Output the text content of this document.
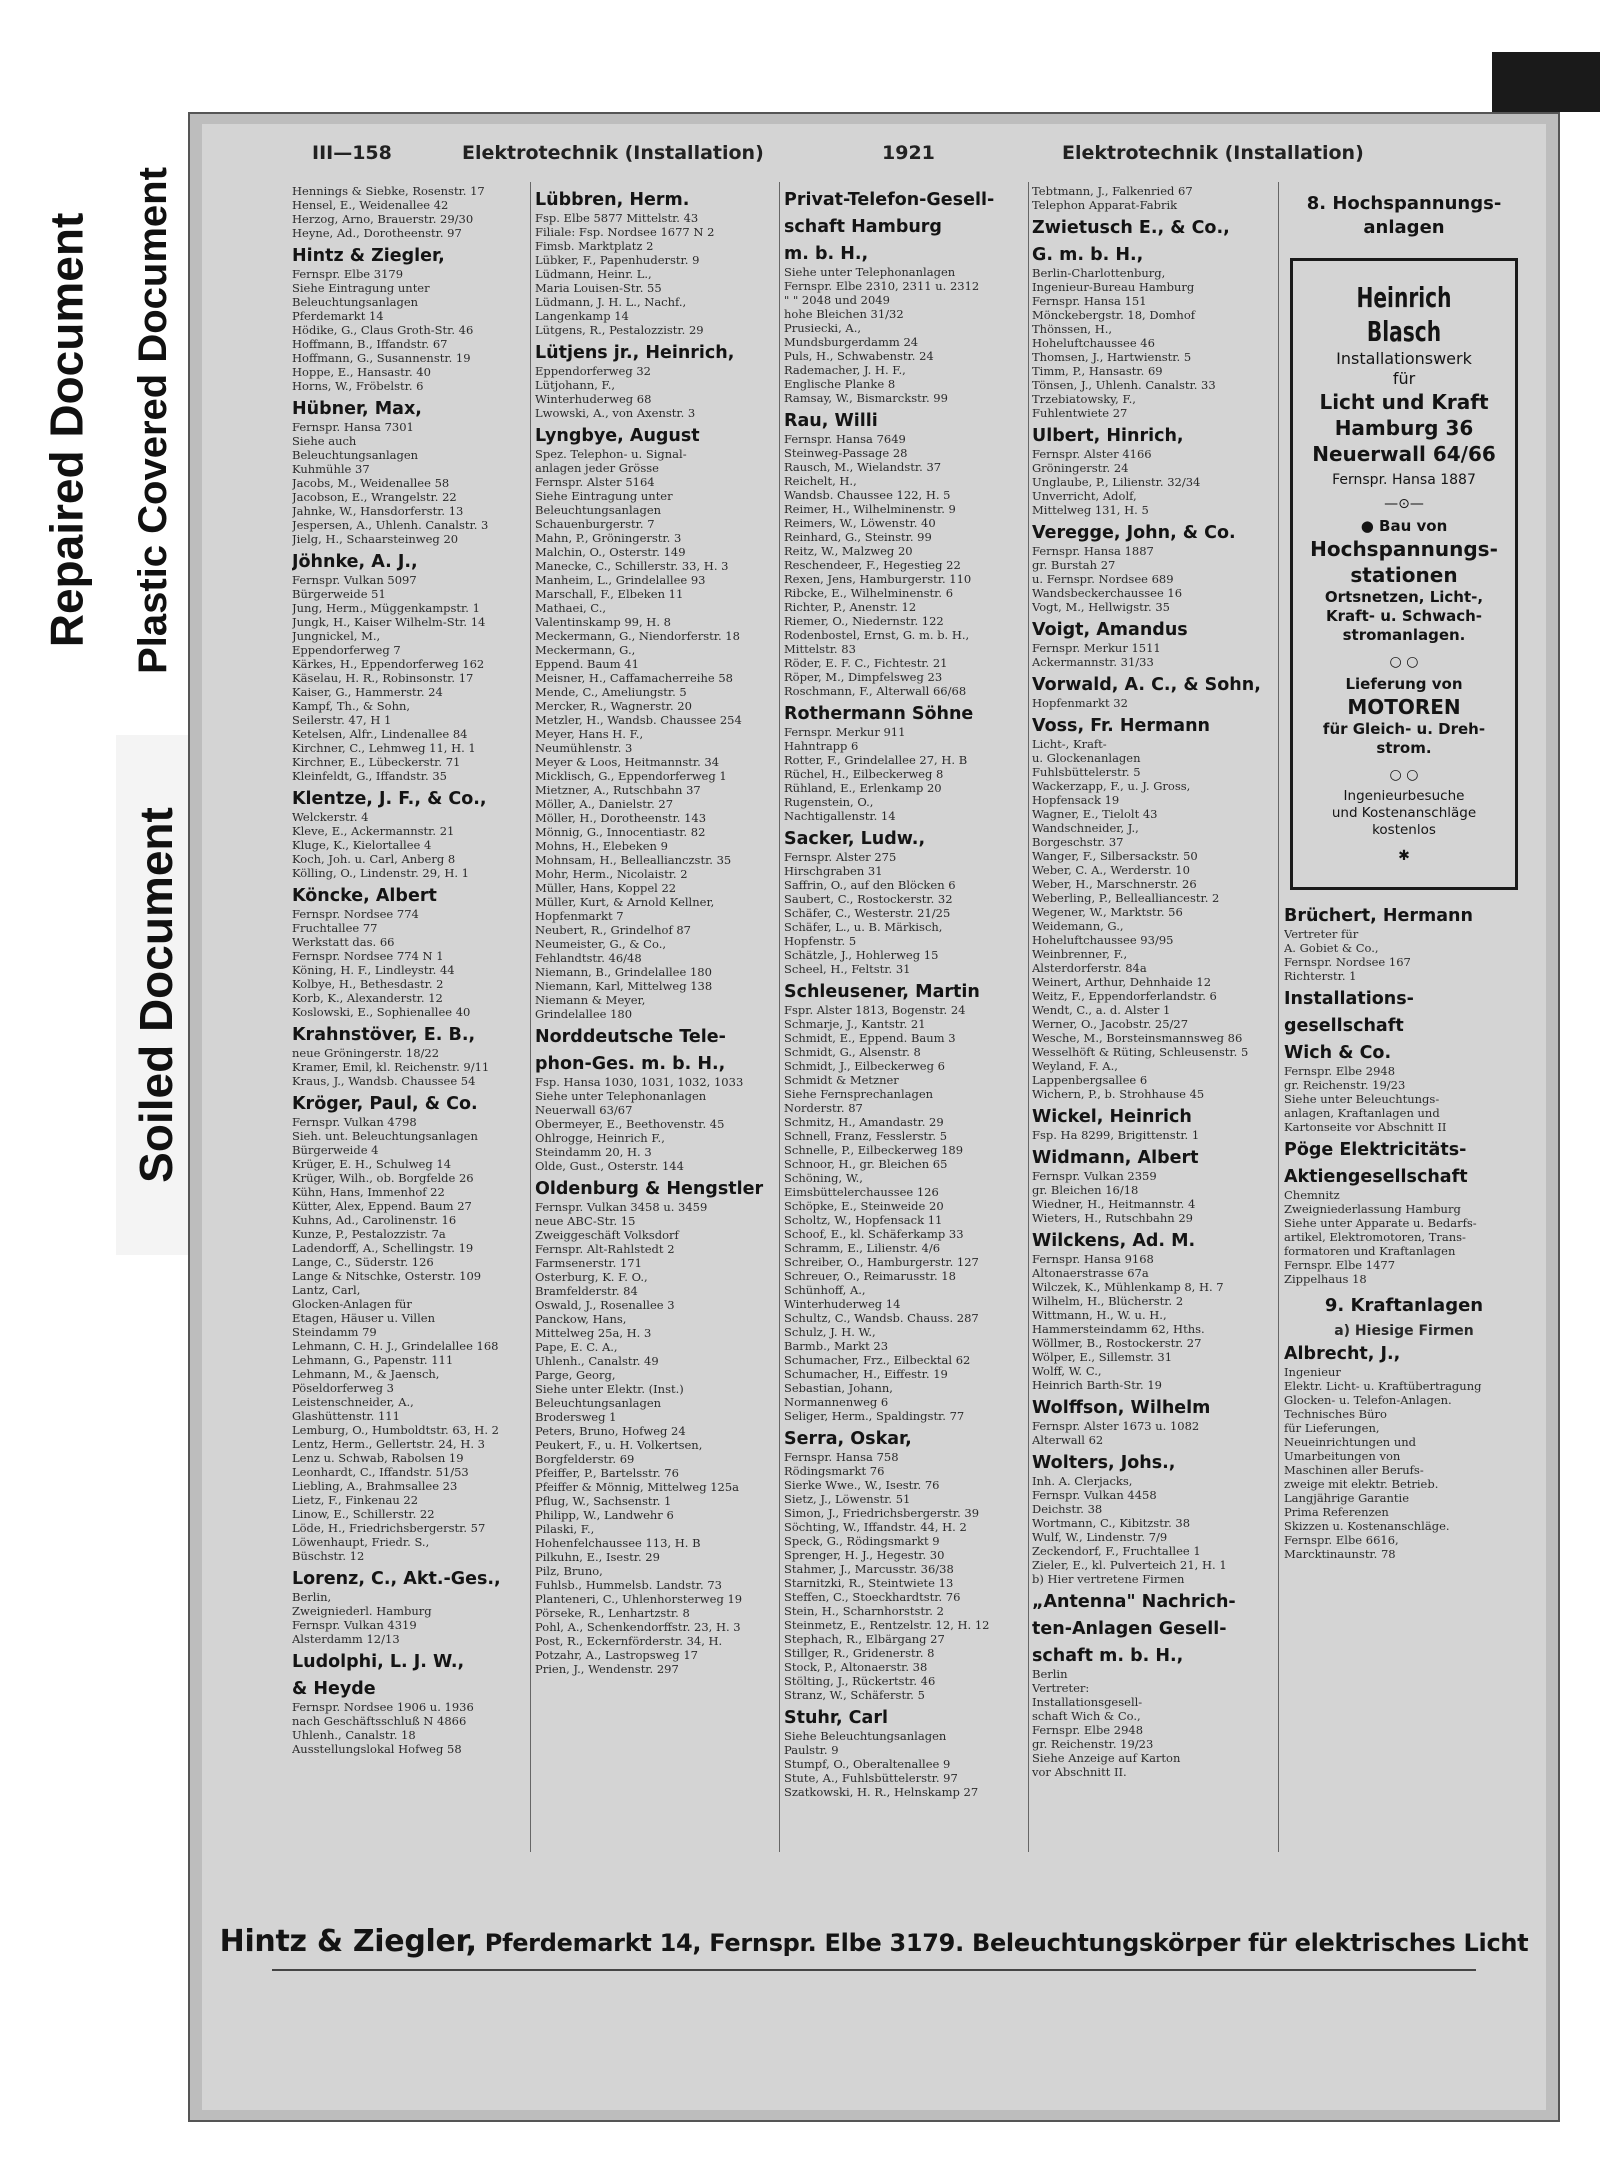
Repaired Document Plastic Covered Document
Soiled Document
III—158	Elektrotechnik (Installation)	1921	Elektrotechnik (Installation)
Hennings & Siebke, Rosenstr. 17
Hensel, E., Weidenallee 42
Herzog, Arno, Brauerstr. 29/30
Heyne, Ad., Dorotheenstr. 97
Hintz & Ziegler,
Fernspr. Elbe 3179
Siehe Eintragung unter
Beleuchtungsanlagen
Pferdemarkt 14
Hödike, G., Claus Groth-Str. 46
Hoffmann, B., Iffandstr. 67
Hoffmann, G., Susannenstr. 19
Hoppe, E., Hansastr. 40
Horns, W., Fröbelstr. 6
Hübner, Max,
Fernspr. Hansa 7301
Siehe auch
Beleuchtungsanlagen
Kuhmühle 37
Jacobs, M., Weidenallee 58
Jacobson, E., Wrangelstr. 22
Jahnke, W., Hansdorferstr. 13
Jespersen, A., Uhlenh. Canalstr. 3
Jielg, H., Schaarsteinweg 20
Jöhnke, A. J.,
Fernspr. Vulkan 5097
Bürgerweide 51
Jung, Herm., Müggenkampstr. 1
Jungk, H., Kaiser Wilhelm-Str. 14
Jungnickel, M.,
Eppendorferweg 7
Kärkes, H., Eppendorferweg 162
Käselau, H. R., Robinsonstr. 17
Kaiser, G., Hammerstr. 24
Kampf, Th., & Sohn,
Seilerstr. 47, H 1
Ketelsen, Alfr., Lindenallee 84
Kirchner, C., Lehmweg 11, H. 1
Kirchner, E., Lübeckerstr. 71
Kleinfeldt, G., Iffandstr. 35
Klentze, J. F., & Co.,
Welckerstr. 4
Kleve, E., Ackermannstr. 21
Kluge, K., Kielortallee 4
Koch, Joh. u. Carl, Anberg 8
Kölling, O., Lindenstr. 29, H. 1
Köncke, Albert
Fernspr. Nordsee 774
Fruchtallee 77
Werkstatt das. 66
Fernspr. Nordsee 774 N 1
Köning, H. F., Lindleystr. 44
Kolbye, H., Bethesdastr. 2
Korb, K., Alexanderstr. 12
Koslowski, E., Sophienallee 40
Krahnstöver, E. B.,
neue Gröningerstr. 18/22
Kramer, Emil, kl. Reichenstr. 9/11
Kraus, J., Wandsb. Chaussee 54
Kröger, Paul, & Co.
Fernspr. Vulkan 4798
Sieh. unt. Beleuchtungsanlagen
Bürgerweide 4
Krüger, E. H., Schulweg 14
Krüger, Wilh., ob. Borgfelde 26
Kühn, Hans, Immenhof 22
Kütter, Alex, Eppend. Baum 27
Kuhns, Ad., Carolinenstr. 16
Kunze, P., Pestalozzistr. 7a
Ladendorff, A., Schellingstr. 19
Lange, C., Süderstr. 126
Lange & Nitschke, Osterstr. 109
Lantz, Carl,
Glocken-Anlagen für
Etagen, Häuser u. Villen
Steindamm 79
Lehmann, C. H. J., Grindelallee 168
Lehmann, G., Papenstr. 111
Lehmann, M., & Jaensch,
Pöseldorferweg 3
Leistenschneider, A.,
Glashüttenstr. 111
Lemburg, O., Humboldtstr. 63, H. 2
Lentz, Herm., Gellertstr. 24, H. 3
Lenz u. Schwab, Rabolsen 19
Leonhardt, C., Iffandstr. 51/53
Liebling, A., Brahmsallee 23
Lietz, F., Finkenau 22
Linow, E., Schillerstr. 22
Löde, H., Friedrichsbergerstr. 57
Löwenhaupt, Friedr. S.,
Büschstr. 12
Lorenz, C., Akt.-Ges.,
Berlin,
Zweigniederl. Hamburg
Fernspr. Vulkan 4319
Alsterdamm 12/13
Ludolphi, L. J. W.,
& Heyde
Fernspr. Nordsee 1906 u. 1936
nach Geschäftsschluß N 4866
Uhlenh., Canalstr. 18
Ausstellungslokal Hofweg 58
Lübbren, Herm.
Fsp. Elbe 5877 Mittelstr. 43
Filiale: Fsp. Nordsee 1677 N 2
Fimsb. Marktplatz 2
Lübker, F., Papenhuderstr. 9
Lüdmann, Heinr. L.,
Maria Louisen-Str. 55
Lüdmann, J. H. L., Nachf.,
Langenkamp 14
Lütgens, R., Pestalozzistr. 29
Lütjens jr., Heinrich,
Eppendorferweg 32
Lütjohann, F.,
Winterhuderweg 68
Lwowski, A., von Axenstr. 3
Lyngbye, August
Spez. Telephon- u. Signal-
anlagen jeder Grösse
Fernspr. Alster 5164
Siehe Eintragung unter
Beleuchtungsanlagen
Schauenburgerstr. 7
Mahn, P., Gröningerstr. 3
Malchin, O., Osterstr. 149
Manecke, C., Schillerstr. 33, H. 3
Manheim, L., Grindelallee 93
Marschall, F., Elbeken 11
Mathaei, C.,
Valentinskamp 99, H. 8
Meckermann, G., Niendorferstr. 18
Meckermann, G.,
Eppend. Baum 41
Meisner, H., Caffamacherreihe 58
Mende, C., Ameliungstr. 5
Mercker, R., Wagnerstr. 20
Metzler, H., Wandsb. Chaussee 254
Meyer, Hans H. F.,
Neumühlenstr. 3
Meyer & Loos, Heitmannstr. 34
Micklisch, G., Eppendorferweg 1
Mietzner, A., Rutschbahn 37
Möller, A., Danielstr. 27
Möller, H., Dorotheenstr. 143
Mönnig, G., Innocentiastr. 82
Mohns, H., Elebeken 9
Mohnsam, H., Belleallianczstr. 35
Mohr, Herm., Nicolaistr. 2
Müller, Hans, Koppel 22
Müller, Kurt, & Arnold Kellner,
Hopfenmarkt 7
Neubert, R., Grindelhof 87
Neumeister, G., & Co.,
Fehlandtstr. 46/48
Niemann, B., Grindelallee 180
Niemann, Karl, Mittelweg 138
Niemann & Meyer,
Grindelallee 180
Norddeutsche Tele-
phon-Ges. m. b. H.,
Fsp. Hansa 1030, 1031, 1032, 1033
Siehe unter Telephonanlagen
Neuerwall 63/67
Obermeyer, E., Beethovenstr. 45
Ohlrogge, Heinrich F.,
Steindamm 20, H. 3
Olde, Gust., Osterstr. 144
Oldenburg & Hengstler
Fernspr. Vulkan 3458 u. 3459
neue ABC-Str. 15
Zweiggeschäft Volksdorf
Fernspr. Alt-Rahlstedt 2
Farmsenerstr. 171
Osterburg, K. F. O.,
Bramfelderstr. 84
Oswald, J., Rosenallee 3
Panckow, Hans,
Mittelweg 25a, H. 3
Pape, E. C. A.,
Uhlenh., Canalstr. 49
Parge, Georg,
Siehe unter Elektr. (Inst.)
Beleuchtungsanlagen
Brodersweg 1
Peters, Bruno, Hofweg 24
Peukert, F., u. H. Volkertsen,
Borgfelderstr. 69
Pfeiffer, P., Bartelsstr. 76
Pfeiffer & Mönnig, Mittelweg 125a
Pflug, W., Sachsenstr. 1
Philipp, W., Landwehr 6
Pilaski, F.,
Hohenfelchaussee 113, H. B
Pilkuhn, E., Isestr. 29
Pilz, Bruno,
Fuhlsb., Hummelsb. Landstr. 73
Planteneri, C., Uhlenhorsterweg 19
Pörseke, R., Lenhartzstr. 8
Pohl, A., Schenkendorffstr. 23, H. 3
Post, R., Eckernförderstr. 34, H.
Potzahr, A., Lastropsweg 17
Prien, J., Wendenstr. 297
Privat-Telefon-Gesell-
schaft Hamburg
m. b. H.,
Siehe unter Telephonanlagen
Fernspr. Elbe 2310, 2311 u. 2312
" " 2048 und 2049
hohe Bleichen 31/32
Prusiecki, A.,
Mundsburgerdamm 24
Puls, H., Schwabenstr. 24
Rademacher, J. H. F.,
Englische Planke 8
Ramsay, W., Bismarckstr. 99
Rau, Willi
Fernspr. Hansa 7649
Steinweg-Passage 28
Rausch, M., Wielandstr. 37
Reichelt, H.,
Wandsb. Chaussee 122, H. 5
Reimer, H., Wilhelminenstr. 9
Reimers, W., Löwenstr. 40
Reinhard, G., Steinstr. 99
Reitz, W., Malzweg 20
Reschendeer, F., Hegestieg 22
Rexen, Jens, Hamburgerstr. 110
Ribcke, E., Wilhelminenstr. 6
Richter, P., Anenstr. 12
Riemer, O., Niedernstr. 122
Rodenbostel, Ernst, G. m. b. H.,
Mittelstr. 83
Röder, E. F. C., Fichtestr. 21
Röper, M., Dimpfelsweg 23
Roschmann, F., Alterwall 66/68
Rothermann Söhne
Fernspr. Merkur 911
Hahntrapp 6
Rotter, F., Grindelallee 27, H. B
Rüchel, H., Eilbeckerweg 8
Rühland, E., Erlenkamp 20
Rugenstein, O.,
Nachtigallenstr. 14
Sacker, Ludw.,
Fernspr. Alster 275
Hirschgraben 31
Saffrin, O., auf den Blöcken 6
Saubert, C., Rostockerstr. 32
Schäfer, C., Westerstr. 21/25
Schäfer, L., u. B. Märkisch,
Hopfenstr. 5
Schätzle, J., Hohlerweg 15
Scheel, H., Feltstr. 31
Schleusener, Martin
Fspr. Alster 1813, Bogenstr. 24
Schmarje, J., Kantstr. 21
Schmidt, E., Eppend. Baum 3
Schmidt, G., Alsenstr. 8
Schmidt, J., Eilbeckerweg 6
Schmidt & Metzner
Siehe Fernsprechanlagen
Norderstr. 87
Schmitz, H., Amandastr. 29
Schnell, Franz, Fesslerstr. 5
Schnelle, P., Eilbeckerweg 189
Schnoor, H., gr. Bleichen 65
Schöning, W.,
Eimsbüttelerchaussee 126
Schöpke, E., Steinweide 20
Scholtz, W., Hopfensack 11
Schoof, E., kl. Schäferkamp 33
Schramm, E., Lilienstr. 4/6
Schreiber, O., Hamburgerstr. 127
Schreuer, O., Reimarusstr. 18
Schünhoff, A.,
Winterhuderweg 14
Schultz, C., Wandsb. Chauss. 287
Schulz, J. H. W.,
Barmb., Markt 23
Schumacher, Frz., Eilbecktal 62
Schumacher, H., Eiffestr. 19
Sebastian, Johann,
Normannenweg 6
Seliger, Herm., Spaldingstr. 77
Serra, Oskar,
Fernspr. Hansa 758
Rödingsmarkt 76
Sierke Wwe., W., Isestr. 76
Sietz, J., Löwenstr. 51
Simon, J., Friedrichsbergerstr. 39
Söchting, W., Iffandstr. 44, H. 2
Speck, G., Rödingsmarkt 9
Sprenger, H. J., Hegestr. 30
Stahmer, J., Marcusstr. 36/38
Starnitzki, R., Steintwiete 13
Steffen, C., Stoeckhardtstr. 76
Stein, H., Scharnhorststr. 2
Steinmetz, E., Rentzelstr. 12, H. 12
Stephach, R., Elbärgang 27
Stillger, R., Gridenerstr. 8
Stock, P., Altonaerstr. 38
Stölting, J., Rückertstr. 46
Stranz, W., Schäferstr. 5
Stuhr, Carl
Siehe Beleuchtungsanlagen
Paulstr. 9
Stumpf, O., Oberaltenallee 9
Stute, A., Fuhlsbüttelerstr. 97
Szatkowski, H. R., Helnskamp 27
Tebtmann, J., Falkenried 67
Telephon Apparat-Fabrik
Zwietusch E., & Co.,
G. m. b. H.,
Berlin-Charlottenburg,
Ingenieur-Bureau Hamburg
Fernspr. Hansa 151
Mönckebergstr. 18, Domhof
Thönssen, H.,
Hoheluftchaussee 46
Thomsen, J., Hartwienstr. 5
Timm, P., Hansastr. 69
Tönsen, J., Uhlenh. Canalstr. 33
Trzebiatowsky, F.,
Fuhlentwiete 27
Ulbert, Hinrich,
Fernspr. Alster 4166
Gröningerstr. 24
Unglaube, P., Lilienstr. 32/34
Unverricht, Adolf,
Mittelweg 131, H. 5
Veregge, John, & Co.
Fernspr. Hansa 1887
gr. Burstah 27
u. Fernspr. Nordsee 689
Wandsbeckerchaussee 16
Vogt, M., Hellwigstr. 35
Voigt, Amandus
Fernspr. Merkur 1511
Ackermannstr. 31/33
Vorwald, A. C., & Sohn,
Hopfenmarkt 32
Voss, Fr. Hermann
Licht-, Kraft-
u. Glockenanlagen
Fuhlsbüttelerstr. 5
Wackerzapp, F., u. J. Gross,
Hopfensack 19
Wagner, E., Tielolt 43
Wandschneider, J.,
Borgeschstr. 37
Wanger, F., Silbersackstr. 50
Weber, C. A., Werderstr. 10
Weber, H., Marschnerstr. 26
Weberling, P., Bellealliancestr. 2
Wegener, W., Marktstr. 56
Weidemann, G.,
Hoheluftchaussee 93/95
Weinbrenner, F.,
Alsterdorferstr. 84a
Weinert, Arthur, Dehnhaide 12
Weitz, F., Eppendorferlandstr. 6
Wendt, C., a. d. Alster 1
Werner, O., Jacobstr. 25/27
Wesche, M., Borsteinsmannsweg 86
Wesselhöft & Rüting, Schleusenstr. 5
Weyland, F. A.,
Lappenbergsallee 6
Wichern, P., b. Strohhause 45
Wickel, Heinrich
Fsp. Ha 8299, Brigittenstr. 1
Widmann, Albert
Fernspr. Vulkan 2359
gr. Bleichen 16/18
Wiedner, H., Heitmannstr. 4
Wieters, H., Rutschbahn 29
Wilckens, Ad. M.
Fernspr. Hansa 9168
Altonaerstrasse 67a
Wilczek, K., Mühlenkamp 8, H. 7
Wilhelm, H., Blücherstr. 2
Wittmann, H., W. u. H.,
Hammersteindamm 62, Hths.
Wöllmer, B., Rostockerstr. 27
Wölper, E., Sillemstr. 31
Wolff, W. C.,
Heinrich Barth-Str. 19
Wolffson, Wilhelm
Fernspr. Alster 1673 u. 1082
Alterwall 62
Wolters, Johs.,
Inh. A. Clerjacks,
Fernspr. Vulkan 4458
Deichstr. 38
Wortmann, C., Kibitzstr. 38
Wulf, W., Lindenstr. 7/9
Zeckendorf, F., Fruchtallee 1
Zieler, E., kl. Pulverteich 21, H. 1
b) Hier vertretene Firmen
„Antenna" Nachrich-
ten-Anlagen Gesell-
schaft m. b. H.,
Berlin
Vertreter:
Installationsgesell-
schaft Wich & Co.,
Fernspr. Elbe 2948
gr. Reichenstr. 19/23
Siehe Anzeige auf Karton
vor Abschnitt II.
8. Hochspannungs-
anlagen
Heinrich Blasch
Installationswerk
für
Licht und Kraft
Hamburg 36
Neuerwall 64/66
Fernspr. Hansa 1887
—⊙—
● Bau von
Hochspannungs-
stationen
Ortsnetzen, Licht-,
Kraft- u. Schwach-
stromanlagen.
○ ○
Lieferung von
MOTOREN
für Gleich- u. Dreh-
strom.
○ ○
Ingenieurbesuche
und Kostenanschläge
kostenlos
✱
Brüchert, Hermann
Vertreter für
A. Gobiet & Co.,
Fernspr. Nordsee 167
Richterstr. 1
Installations-
gesellschaft
Wich & Co.
Fernspr. Elbe 2948
gr. Reichenstr. 19/23
Siehe unter Beleuchtungs-
anlagen, Kraftanlagen und
Kartonseite vor Abschnitt II
Pöge Elektricitäts-
Aktiengesellschaft
Chemnitz
Zweigniederlassung Hamburg
Siehe unter Apparate u. Bedarfs-
artikel, Elektromotoren, Trans-
formatoren und Kraftanlagen
Fernspr. Elbe 1477
Zippelhaus 18
9. Kraftanlagen
a) Hiesige Firmen
Albrecht, J.,
Ingenieur
Elektr. Licht- u. Kraftübertragung
Glocken- u. Telefon-Anlagen.
Technisches Büro
für Lieferungen,
Neueinrichtungen und
Umarbeitungen von
Maschinen aller Berufs-
zweige mit elektr. Betrieb.
Langjährige Garantie
Prima Referenzen
Skizzen u. Kostenanschläge.
Fernspr. Elbe 6616,
Marcktinaunstr. 78
Hintz & Ziegler, Pferdemarkt 14, Fernspr. Elbe 3179. Beleuchtungskörper für elektrisches Licht
